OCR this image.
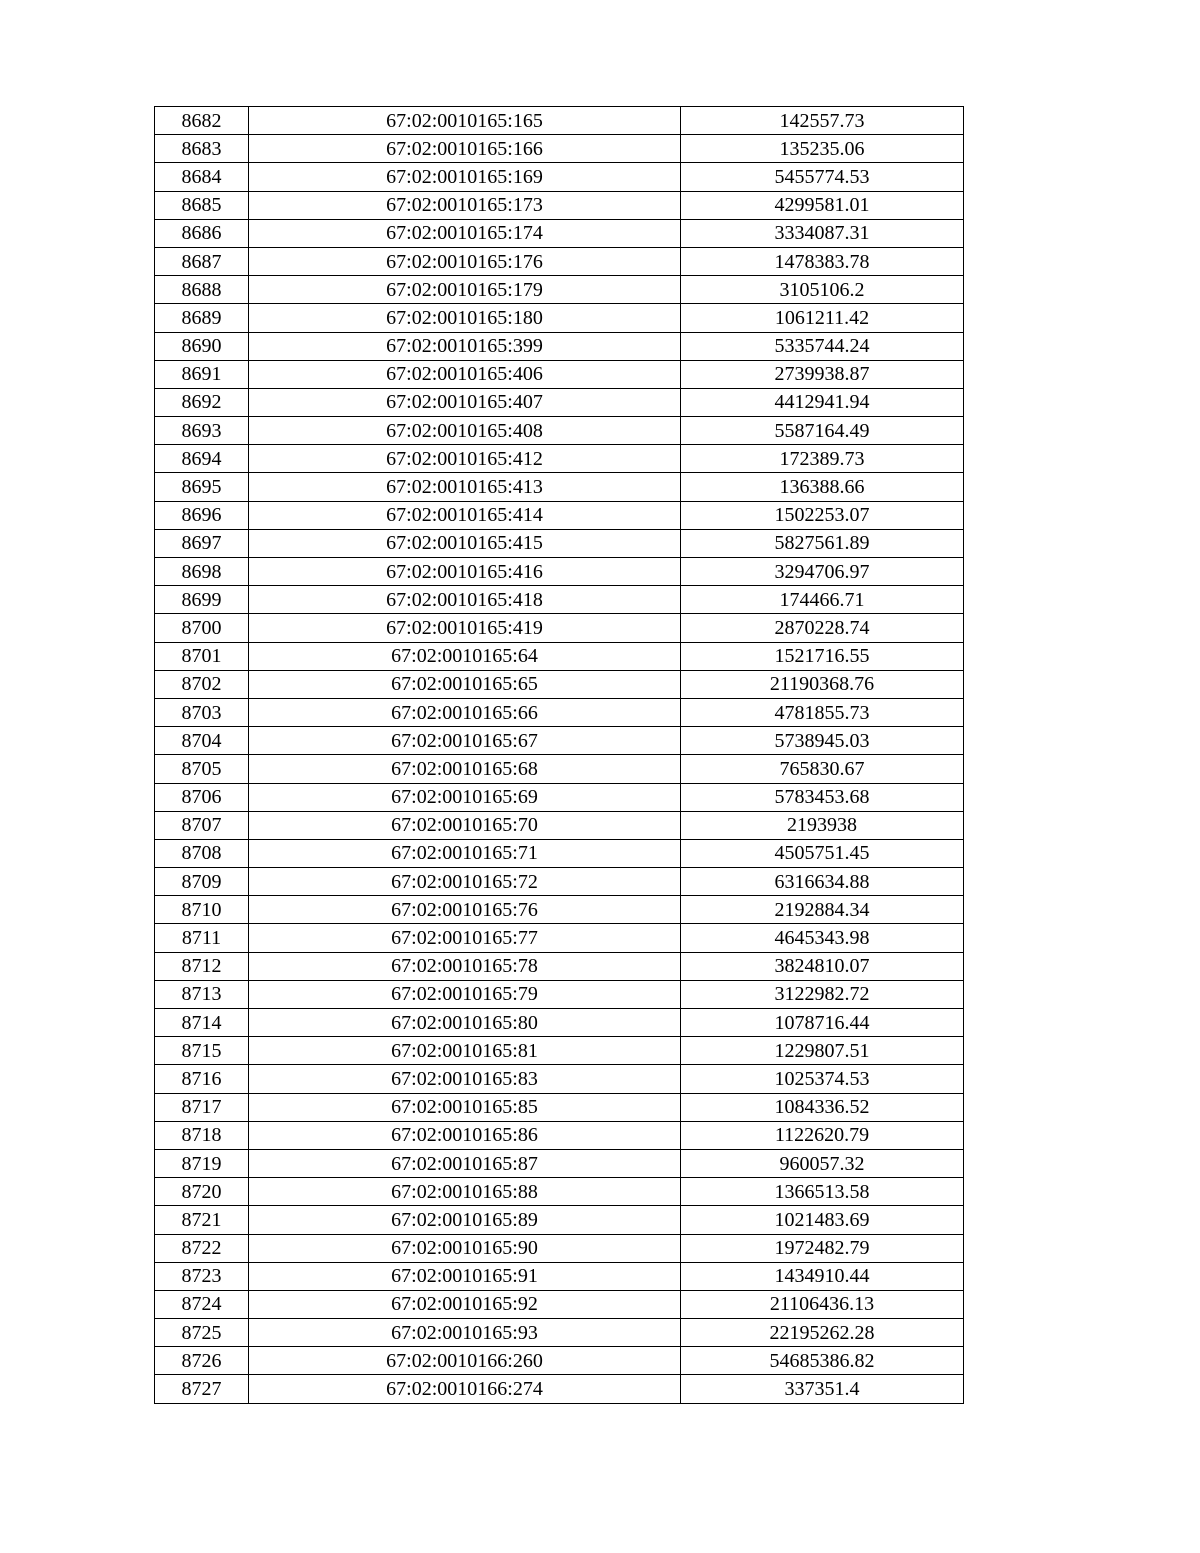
8682	67:02:0010165:165	142557.73
8683	67:02:0010165:166	135235.06
8684	67:02:0010165:169	5455774.53
8685	67:02:0010165:173	4299581.01
8686	67:02:0010165:174	3334087.31
8687	67:02:0010165:176	1478383.78
8688	67:02:0010165:179	3105106.2
8689	67:02:0010165:180	1061211.42
8690	67:02:0010165:399	5335744.24
8691	67:02:0010165:406	2739938.87
8692	67:02:0010165:407	4412941.94
8693	67:02:0010165:408	5587164.49
8694	67:02:0010165:412	172389.73
8695	67:02:0010165:413	136388.66
8696	67:02:0010165:414	1502253.07
8697	67:02:0010165:415	5827561.89
8698	67:02:0010165:416	3294706.97
8699	67:02:0010165:418	174466.71
8700	67:02:0010165:419	2870228.74
8701	67:02:0010165:64	1521716.55
8702	67:02:0010165:65	21190368.76
8703	67:02:0010165:66	4781855.73
8704	67:02:0010165:67	5738945.03
8705	67:02:0010165:68	765830.67
8706	67:02:0010165:69	5783453.68
8707	67:02:0010165:70	2193938
8708	67:02:0010165:71	4505751.45
8709	67:02:0010165:72	6316634.88
8710	67:02:0010165:76	2192884.34
8711	67:02:0010165:77	4645343.98
8712	67:02:0010165:78	3824810.07
8713	67:02:0010165:79	3122982.72
8714	67:02:0010165:80	1078716.44
8715	67:02:0010165:81	1229807.51
8716	67:02:0010165:83	1025374.53
8717	67:02:0010165:85	1084336.52
8718	67:02:0010165:86	1122620.79
8719	67:02:0010165:87	960057.32
8720	67:02:0010165:88	1366513.58
8721	67:02:0010165:89	1021483.69
8722	67:02:0010165:90	1972482.79
8723	67:02:0010165:91	1434910.44
8724	67:02:0010165:92	21106436.13
8725	67:02:0010165:93	22195262.28
8726	67:02:0010166:260	54685386.82
8727	67:02:0010166:274	337351.4
